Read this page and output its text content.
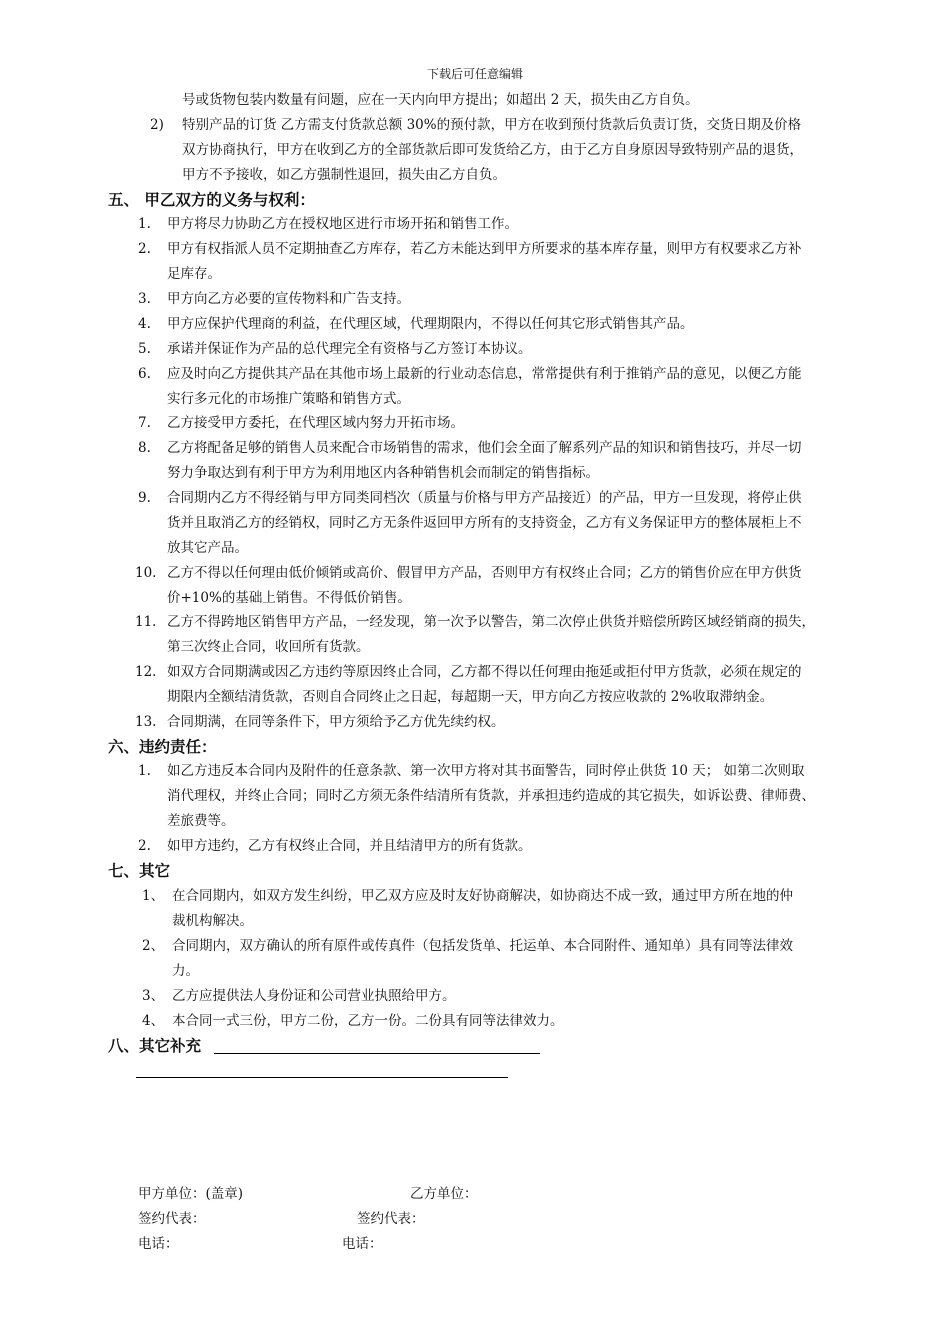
下载后可任意编辑
号或货物包装内数量有问题，应在一天内向甲方提出；如超出 2 天，损失由乙方自负。
2) 特别产品的订货 乙方需支付货款总额 30%的预付款，甲方在收到预付货款后负责订货，交货日期及价格
双方协商执行，甲方在收到乙方的全部货款后即可发货给乙方，由于乙方自身原因导致特别产品的退货，
甲方不予接收，如乙方强制性退回，损失由乙方自负。
五、 甲乙双方的义务与权利：
1. 甲方将尽力协助乙方在授权地区进行市场开拓和销售工作。
2. 甲方有权指派人员不定期抽查乙方库存，若乙方未能达到甲方所要求的基本库存量，则甲方有权要求乙方补
足库存。
3. 甲方向乙方必要的宣传物料和广告支持。
4. 甲方应保护代理商的利益，在代理区域，代理期限内，不得以任何其它形式销售其产品。
5. 承诺并保证作为产品的总代理完全有资格与乙方签订本协议。
6. 应及时向乙方提供其产品在其他市场上最新的行业动态信息，常常提供有利于推销产品的意见，以便乙方能
实行多元化的市场推广策略和销售方式。
7. 乙方接受甲方委托，在代理区域内努力开拓市场。
8. 乙方将配备足够的销售人员来配合市场销售的需求，他们会全面了解系列产品的知识和销售技巧，并尽一切
努力争取达到有利于甲方为利用地区内各种销售机会而制定的销售指标。
9. 合同期内乙方不得经销与甲方同类同档次（质量与价格与甲方产品接近）的产品，甲方一旦发现，将停止供
货并且取消乙方的经销权，同时乙方无条件返回甲方所有的支持资金，乙方有义务保证甲方的整体展柜上不
放其它产品。
10. 乙方不得以任何理由低价倾销或高价、假冒甲方产品，否则甲方有权终止合同；乙方的销售价应在甲方供货
价+10%的基础上销售。不得低价销售。
11. 乙方不得跨地区销售甲方产品，一经发现，第一次予以警告，第二次停止供货并赔偿所跨区域经销商的损失，
第三次终止合同，收回所有货款。
12. 如双方合同期满或因乙方违约等原因终止合同，乙方都不得以任何理由拖延或拒付甲方货款，必须在规定的
期限内全额结清货款，否则自合同终止之日起，每超期一天，甲方向乙方按应收款的 2%收取滞纳金。
13. 合同期满，在同等条件下，甲方须给予乙方优先续约权。
六、违约责任：
1. 如乙方违反本合同内及附件的任意条款、第一次甲方将对其书面警告，同时停止供货 10 天； 如第二次则取
消代理权，并终止合同；同时乙方须无条件结清所有货款，并承担违约造成的其它损失，如诉讼费、律师费、
差旅费等。
2. 如甲方违约，乙方有权终止合同，并且结清甲方的所有货款。
七、其它
1、 在合同期内，如双方发生纠纷，甲乙双方应及时友好协商解决，如协商达不成一致，通过甲方所在地的仲
裁机构解决。
2、 合同期内，双方确认的所有原件或传真件（包括发货单、托运单、本合同附件、通知单）具有同等法律效
力。
3、 乙方应提供法人身份证和公司营业执照给甲方。
4、 本合同一式三份，甲方二份，乙方一份。二份具有同等法律效力。
八、其它补充
甲方单位：(盖章)	乙方单位：
签约代表：	签约代表：
电话：	电话：
